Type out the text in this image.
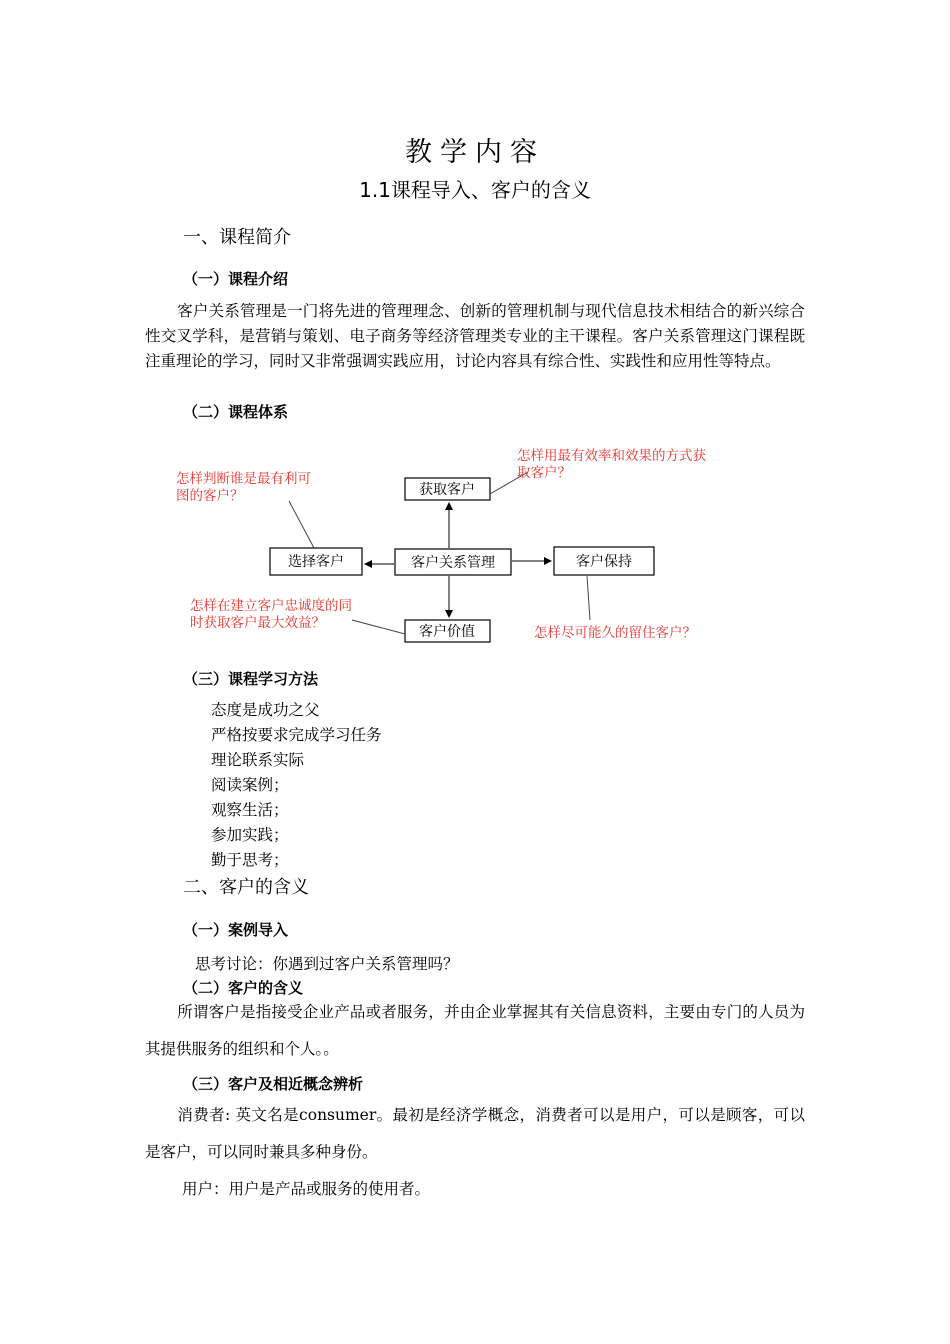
教学内容
1.1课程导入、客户的含义
一、课程简介
（一）课程介绍
客户关系管理是一门将先进的管理理念、创新的管理机制与现代信息技术相结合的新兴综合性交叉学科，是营销与策划、电子商务等经济管理类专业的主干课程。客户关系管理这门课程既注重理论的学习，同时又非常强调实践应用，讨论内容具有综合性、实践性和应用性等特点。
（二）课程体系
客户关系管理
获取客户
选择客户	客户保持
客户价值
怎样用最有效率和效果的方式获
取客户？
怎样判断谁是最有利可
图的客户？
怎样在建立客户忠诚度的同
时获取客户最大效益？
怎样尽可能久的留住客户？
（三）课程学习方法
态度是成功之父
严格按要求完成学习任务
理论联系实际
阅读案例；
观察生活；
参加实践；
勤于思考；
二、客户的含义
（一）案例导入
思考讨论：你遇到过客户关系管理吗？
（二）客户的含义
所谓客户是指接受企业产品或者服务，并由企业掌握其有关信息资料，主要由专门的人员为其提供服务的组织和个人。。
（三）客户及相近概念辨析
消费者: 英文名是consumer。最初是经济学概念，消费者可以是用户，可以是顾客，可以是客户，可以同时兼具多种身份。
用户：用户是产品或服务的使用者。
